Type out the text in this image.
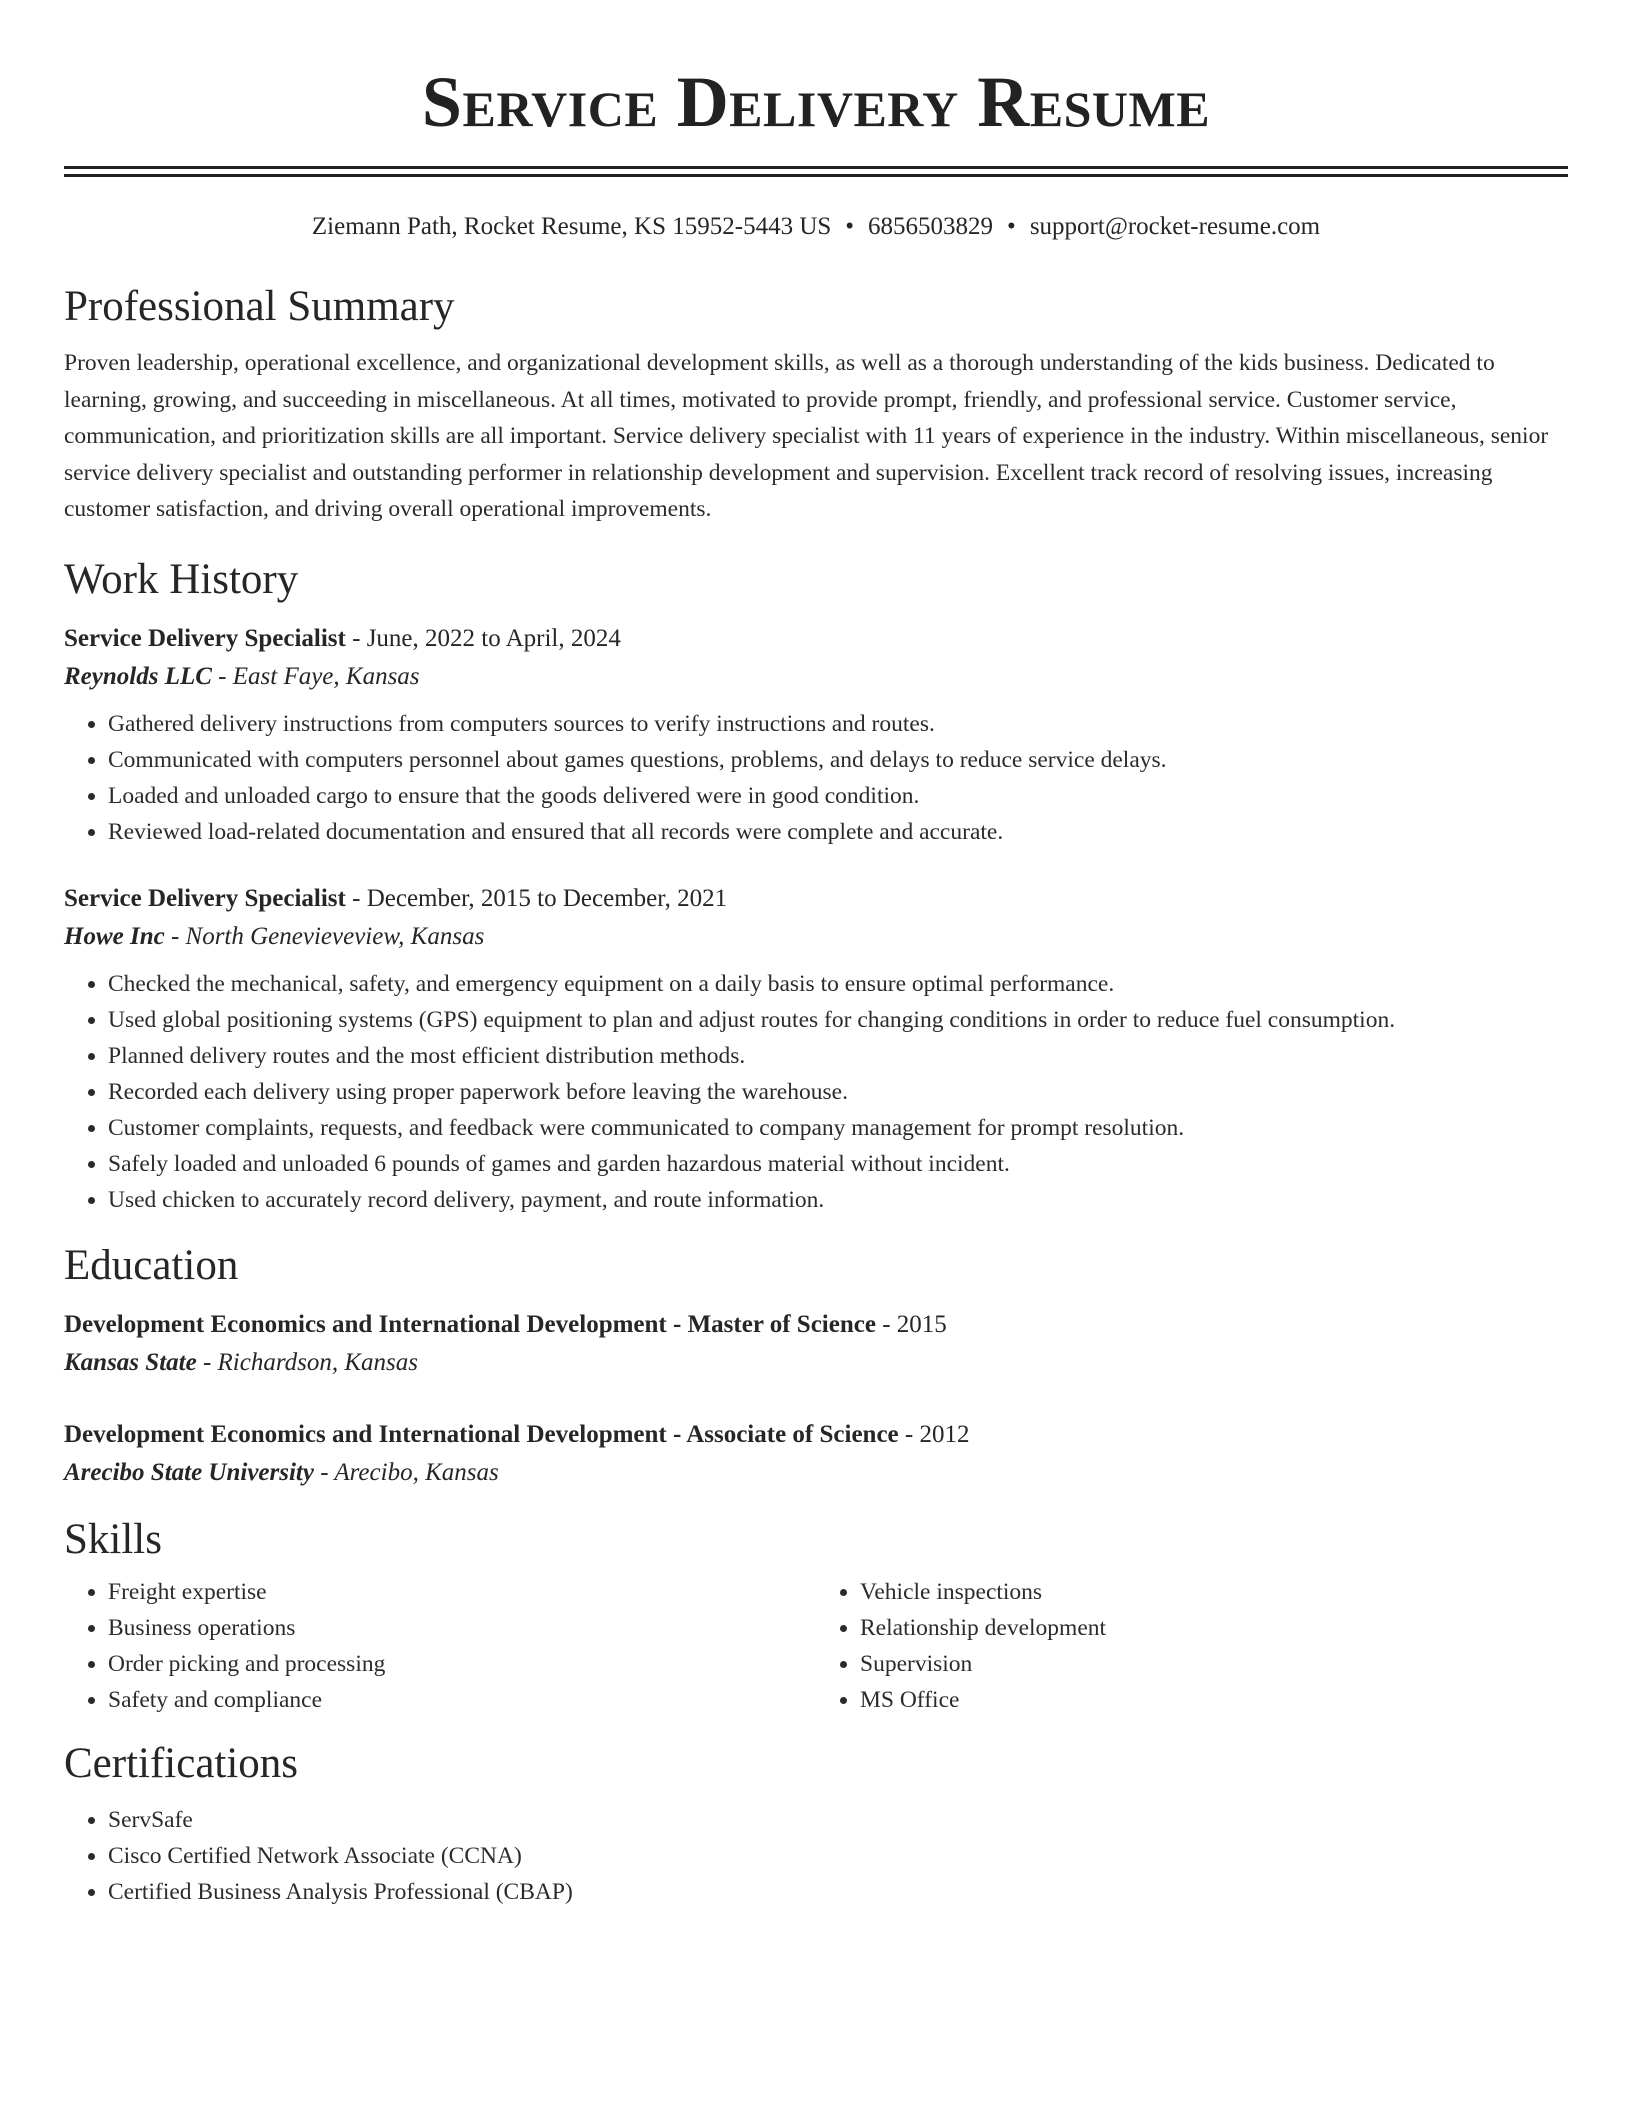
Service Delivery Resume
Ziemann Path, Rocket Resume, KS 15952-5443 US • 6856503829 • support@rocket-resume.com
Professional Summary

Proven leadership, operational excellence, and organizational development skills, as well as a thorough understanding of the kids business. Dedicated to learning, growing, and succeeding in miscellaneous. At all times, motivated to provide prompt, friendly, and professional service. Customer service, communication, and prioritization skills are all important. Service delivery specialist with 11 years of experience in the industry. Within miscellaneous, senior service delivery specialist and outstanding performer in relationship development and supervision. Excellent track record of resolving issues, increasing customer satisfaction, and driving overall operational improvements.

Work History
Service Delivery Specialist - June, 2022 to April, 2024
Reynolds LLC - East Faye, Kansas
• Gathered delivery instructions from computers sources to verify instructions and routes.
• Communicated with computers personnel about games questions, problems, and delays to reduce service delays.
• Loaded and unloaded cargo to ensure that the goods delivered were in good condition.
• Reviewed load-related documentation and ensured that all records were complete and accurate.
Service Delivery Specialist - December, 2015 to December, 2021
Howe Inc - North Genevieveview, Kansas
• Checked the mechanical, safety, and emergency equipment on a daily basis to ensure optimal performance.
• Used global positioning systems (GPS) equipment to plan and adjust routes for changing conditions in order to reduce fuel consumption.
• Planned delivery routes and the most efficient distribution methods.
• Recorded each delivery using proper paperwork before leaving the warehouse.
• Customer complaints, requests, and feedback were communicated to company management for prompt resolution.
• Safely loaded and unloaded 6 pounds of games and garden hazardous material without incident.
• Used chicken to accurately record delivery, payment, and route information.
Education
Development Economics and International Development - Master of Science - 2015
Kansas State - Richardson, Kansas
Development Economics and International Development - Associate of Science - 2012
Arecibo State University - Arecibo, Kansas
Skills
• Freight expertise
• Business operations
• Order picking and processing
• Safety and compliance
• Vehicle inspections
• Relationship development
• Supervision
• MS Office
Certifications
• ServSafe
• Cisco Certified Network Associate (CCNA)
• Certified Business Analysis Professional (CBAP)
